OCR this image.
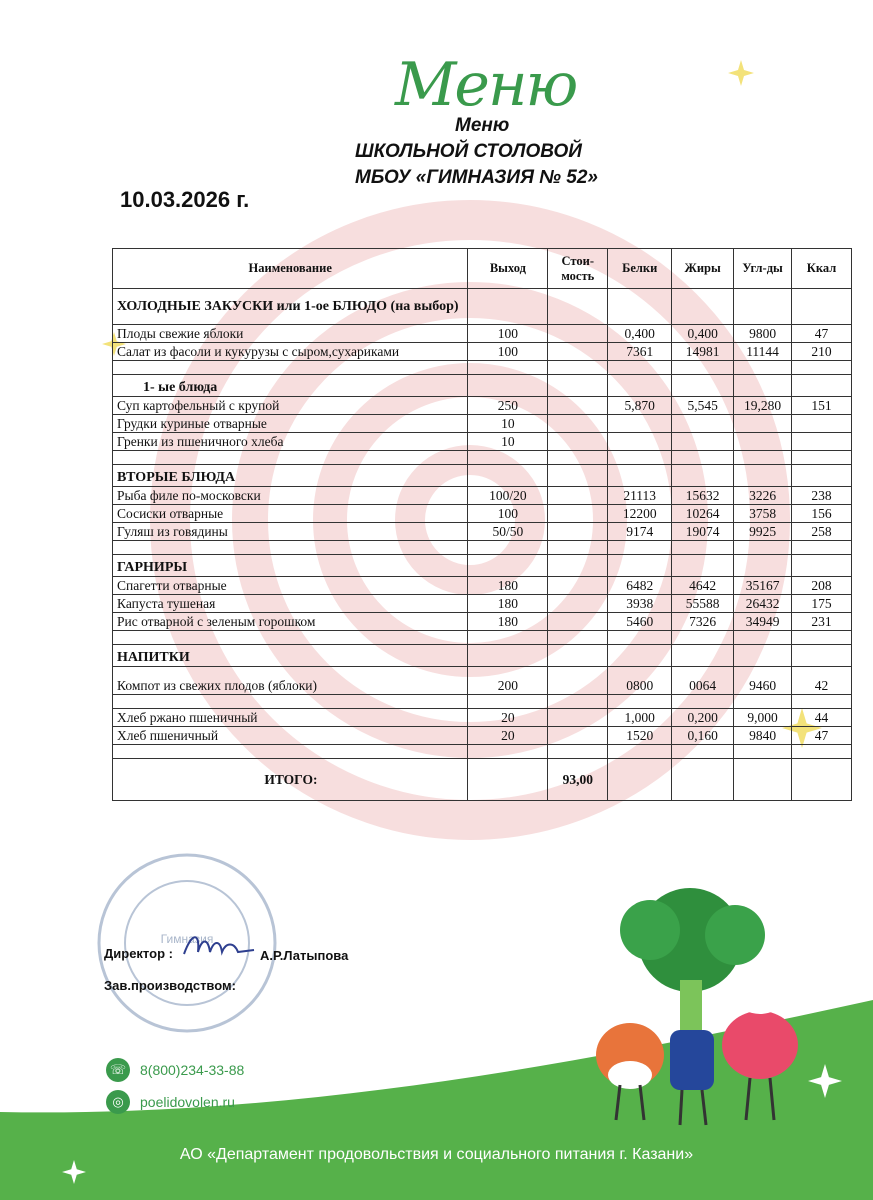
Меню
Меню
ШКОЛЬНОЙ СТОЛОВОЙ
МБОУ «ГИМНАЗИЯ № 52»
10.03.2026 г.
Наименование	Выход	Стои-мость	Белки	Жиры	Угл-ды	Ккал
ХОЛОДНЫЕ ЗАКУСКИ или 1-ое БЛЮДО (на выбор)						
Плоды свежие яблоки	100		0,400	0,400	9800	47
Салат из фасоли и кукурузы с сыром,сухариками	100		7361	14981	11144	210

1- ые блюда						
Суп картофельный с крупой	250		5,870	5,545	19,280	151
Грудки куриные отварные	10					
Гренки из пшеничного хлеба	10					

ВТОРЫЕ БЛЮДА						
Рыба филе по-московски	100/20		21113	15632	3226	238
Сосиски отварные	100		12200	10264	3758	156
Гуляш из говядины	50/50		9174	19074	9925	258

ГАРНИРЫ						
Спагетти отварные	180		6482	4642	35167	208
Капуста тушеная	180		3938	55588	26432	175
Рис отварной с зеленым горошком	180		5460	7326	34949	231

НАПИТКИ						
Компот из свежих плодов (яблоки)	200		0800	0064	9460	42

Хлеб ржано пшеничный	20		1,000	0,200	9,000	44
Хлеб пшеничный	20		1520	0,160	9840	47

ИТОГО:		93,00				
Гимназия
Директор :	А.Р.Латыпова
Зав.производством:
☏ 8(800)234-33-88
◎	poelidovolen.ru
АО «Департамент продовольствия и социального питания г. Казани»
